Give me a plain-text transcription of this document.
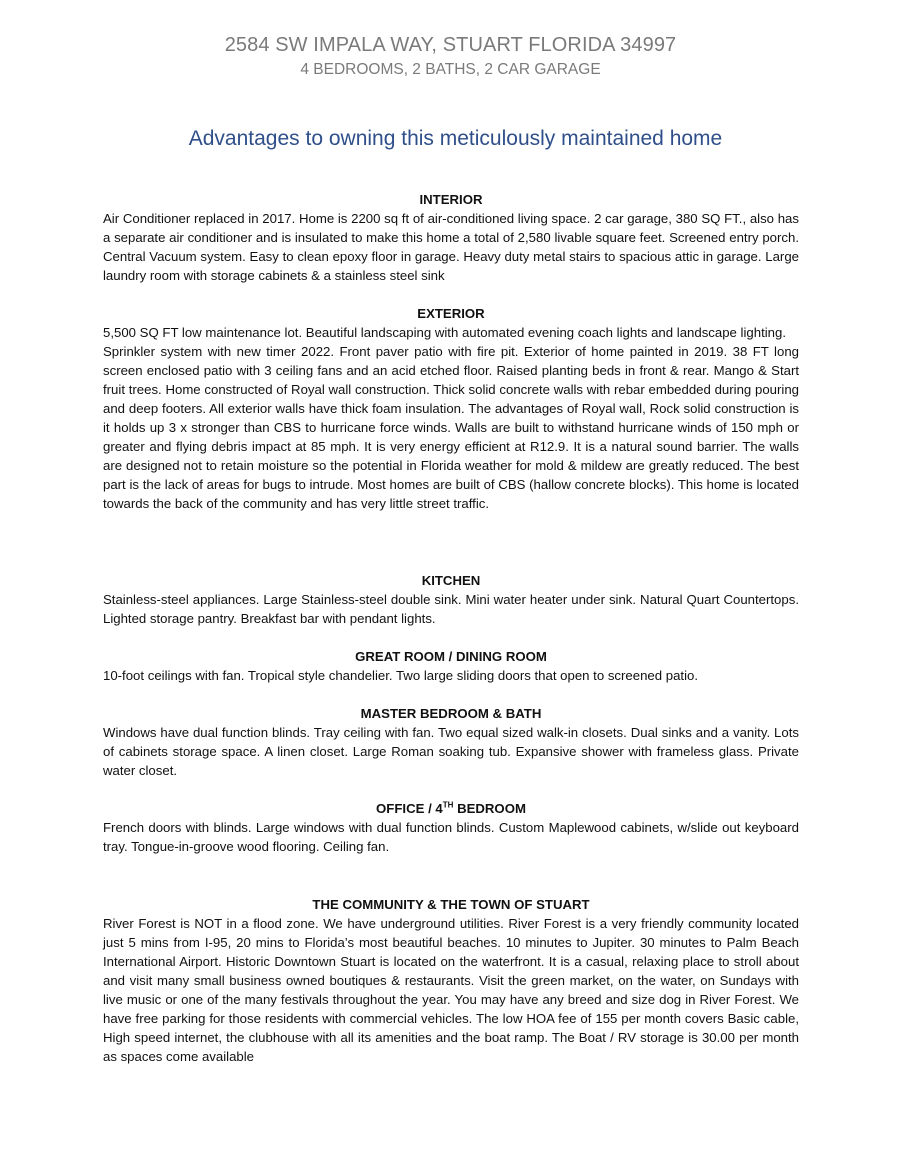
2584 SW IMPALA WAY, STUART FLORIDA 34997
4 BEDROOMS, 2 BATHS, 2 CAR GARAGE
Advantages to owning this meticulously maintained home
INTERIOR

Air Conditioner replaced in 2017. Home is 2200 sq ft of air-conditioned living space. 2 car garage, 380 SQ FT., also has a separate air conditioner and is insulated to make this home a total of 2,580 livable square feet. Screened entry porch. Central Vacuum system. Easy to clean epoxy floor in garage. Heavy duty metal stairs to spacious attic in garage. Large laundry room with storage cabinets & a stainless steel sink

EXTERIOR

5,500 SQ FT low maintenance lot. Beautiful landscaping with automated evening coach lights and landscape lighting.

Sprinkler system with new timer 2022. Front paver patio with fire pit. Exterior of home painted in 2019. 38 FT long screen enclosed patio with 3 ceiling fans and an acid etched floor. Raised planting beds in front & rear. Mango & Start fruit trees. Home constructed of Royal wall construction. Thick solid concrete walls with rebar embedded during pouring and deep footers. All exterior walls have thick foam insulation. The advantages of Royal wall, Rock solid construction is it holds up 3 x stronger than CBS to hurricane force winds. Walls are built to withstand hurricane winds of 150 mph or greater and flying debris impact at 85 mph. It is very energy efficient at R12.9. It is a natural sound barrier. The walls are designed not to retain moisture so the potential in Florida weather for mold & mildew are greatly reduced. The best part is the lack of areas for bugs to intrude. Most homes are built of CBS (hallow concrete blocks). This home is located towards the back of the community and has very little street traffic.

KITCHEN

Stainless-steel appliances. Large Stainless-steel double sink. Mini water heater under sink. Natural Quart Countertops. Lighted storage pantry. Breakfast bar with pendant lights.

GREAT ROOM / DINING ROOM

10-foot ceilings with fan. Tropical style chandelier. Two large sliding doors that open to screened patio.

MASTER BEDROOM & BATH

Windows have dual function blinds. Tray ceiling with fan. Two equal sized walk-in closets. Dual sinks and a vanity. Lots of cabinets storage space. A linen closet. Large Roman soaking tub. Expansive shower with frameless glass. Private water closet.

OFFICE / 4TH BEDROOM

French doors with blinds. Large windows with dual function blinds. Custom Maplewood cabinets, w/slide out keyboard tray. Tongue-in-groove wood flooring. Ceiling fan.

THE COMMUNITY & THE TOWN OF STUART

River Forest is NOT in a flood zone. We have underground utilities. River Forest is a very friendly community located just 5 mins from I-95, 20 mins to Florida’s most beautiful beaches. 10 minutes to Jupiter. 30 minutes to Palm Beach International Airport. Historic Downtown Stuart is located on the waterfront. It is a casual, relaxing place to stroll about and visit many small business owned boutiques & restaurants. Visit the green market, on the water, on Sundays with live music or one of the many festivals throughout the year. You may have any breed and size dog in River Forest. We have free parking for those residents with commercial vehicles. The low HOA fee of 155 per month covers Basic cable, High speed internet, the clubhouse with all its amenities and the boat ramp. The Boat / RV storage is 30.00 per month as spaces come available
